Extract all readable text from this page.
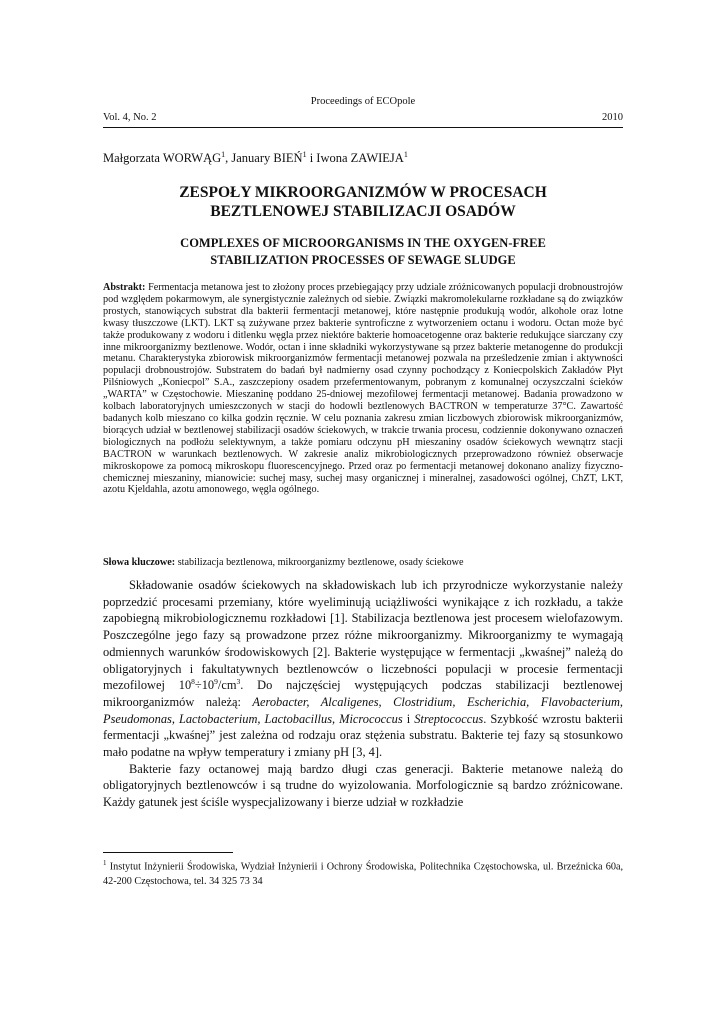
Proceedings of ECOpole
Vol. 4, No. 2	2010
Małgorzata WORWĄG$^1$, January BIEŃ$^1$ i Iwona ZAWIEJA$^1$
ZESPOŁY MIKROORGANIZMÓW W PROCESACH
BEZTLENOWEJ STABILIZACJI OSADÓW
COMPLEXES OF MICROORGANISMS IN THE OXYGEN-FREE
STABILIZATION PROCESSES OF SEWAGE SLUDGE
Abstrakt: Fermentacja metanowa jest to złożony proces przebiegający przy udziale zróżnicowanych populacji drobnoustrojów pod względem pokarmowym, ale synergistycznie zależnych od siebie. Związki makromolekularne rozkładane są do związków prostych, stanowiących substrat dla bakterii fermentacji metanowej, które następnie produkują wodór, alkohole oraz lotne kwasy tłuszczowe (LKT). LKT są zużywane przez bakterie syntroficzne z wytworzeniem octanu i wodoru. Octan może być także produkowany z wodoru i ditlenku węgla przez niektóre bakterie homoacetogenne oraz bakterie redukujące siarczany czy inne mikroorganizmy beztlenowe. Wodór, octan i inne składniki wykorzystywane są przez bakterie metanogenne do produkcji metanu. Charakterystyka zbiorowisk mikroorganizmów fermentacji metanowej pozwala na prześledzenie zmian i aktywności populacji drobnoustrojów. Substratem do badań był nadmierny osad czynny pochodzący z Koniecpolskich Zakładów Płyt Pilśniowych „Koniecpol” S.A., zaszczepiony osadem przefermentowanym, pobranym z komunalnej oczyszczalni ścieków „WARTA” w Częstochowie. Mieszaninę poddano 25-dniowej mezofilowej fermentacji metanowej. Badania prowadzono w kolbach laboratoryjnych umieszczonych w stacji do hodowli beztlenowych BACTRON w temperaturze 37°C. Zawartość badanych kolb mieszano co kilka godzin ręcznie. W celu poznania zakresu zmian liczbowych zbiorowisk mikroorganizmów, biorących udział w beztlenowej stabilizacji osadów ściekowych, w trakcie trwania procesu, codziennie dokonywano oznaczeń biologicznych na podłożu selektywnym, a także pomiaru odczynu pH mieszaniny osadów ściekowych wewnątrz stacji BACTRON w warunkach beztlenowych. W zakresie analiz mikrobiologicznych przeprowadzono również obserwacje mikroskopowe za pomocą mikroskopu fluorescencyjnego. Przed oraz po fermentacji metanowej dokonano analizy fizyczno-chemicznej mieszaniny, mianowicie: suchej masy, suchej masy organicznej i mineralnej, zasadowości ogólnej, ChZT, LKT, azotu Kjeldahla, azotu amonowego, węgla ogólnego.
Słowa kluczowe: stabilizacja beztlenowa, mikroorganizmy beztlenowe, osady ściekowe

Składowanie osadów ściekowych na składowiskach lub ich przyrodnicze wykorzystanie należy poprzedzić procesami przemiany, które wyeliminują uciążliwości wynikające z ich rozkładu, a także zapobiegną mikrobiologicznemu rozkładowi [1]. Stabilizacja beztlenowa jest procesem wielofazowym. Poszczególne jego fazy są prowadzone przez różne mikroorganizmy. Mikroorganizmy te wymagają odmiennych warunków środowiskowych [2]. Bakterie występujące w fermentacji „kwaśnej” należą do obligatoryjnych i fakultatywnych beztlenowców o liczebności populacji w procesie fermentacji mezofilowej $10^8\div 10^9/cm^3$. Do najczęściej występujących podczas stabilizacji beztlenowej mikroorganizmów należą: Aerobacter, Alcaligenes, Clostridium, Escherichia, Flavobacterium, Pseudomonas, Lactobacterium, Lactobacillus, Micrococcus i Streptococcus. Szybkość wzrostu bakterii fermentacji „kwaśnej” jest zależna od rodzaju oraz stężenia substratu. Bakterie tej fazy są stosunkowo mało podatne na wpływ temperatury i zmiany pH [3, 4].

Bakterie fazy octanowej mają bardzo długi czas generacji. Bakterie metanowe należą do obligatoryjnych beztlenowców i są trudne do wyizolowania. Morfologicznie są bardzo zróżnicowane. Każdy gatunek jest ściśle wyspecjalizowany i bierze udział w rozkładzie

$^1$ Instytut Inżynierii Środowiska, Wydział Inżynierii i Ochrony Środowiska, Politechnika Częstochowska, ul. Brzeźnicka 60a, 42-200 Częstochowa, tel. 34 325 73 34
